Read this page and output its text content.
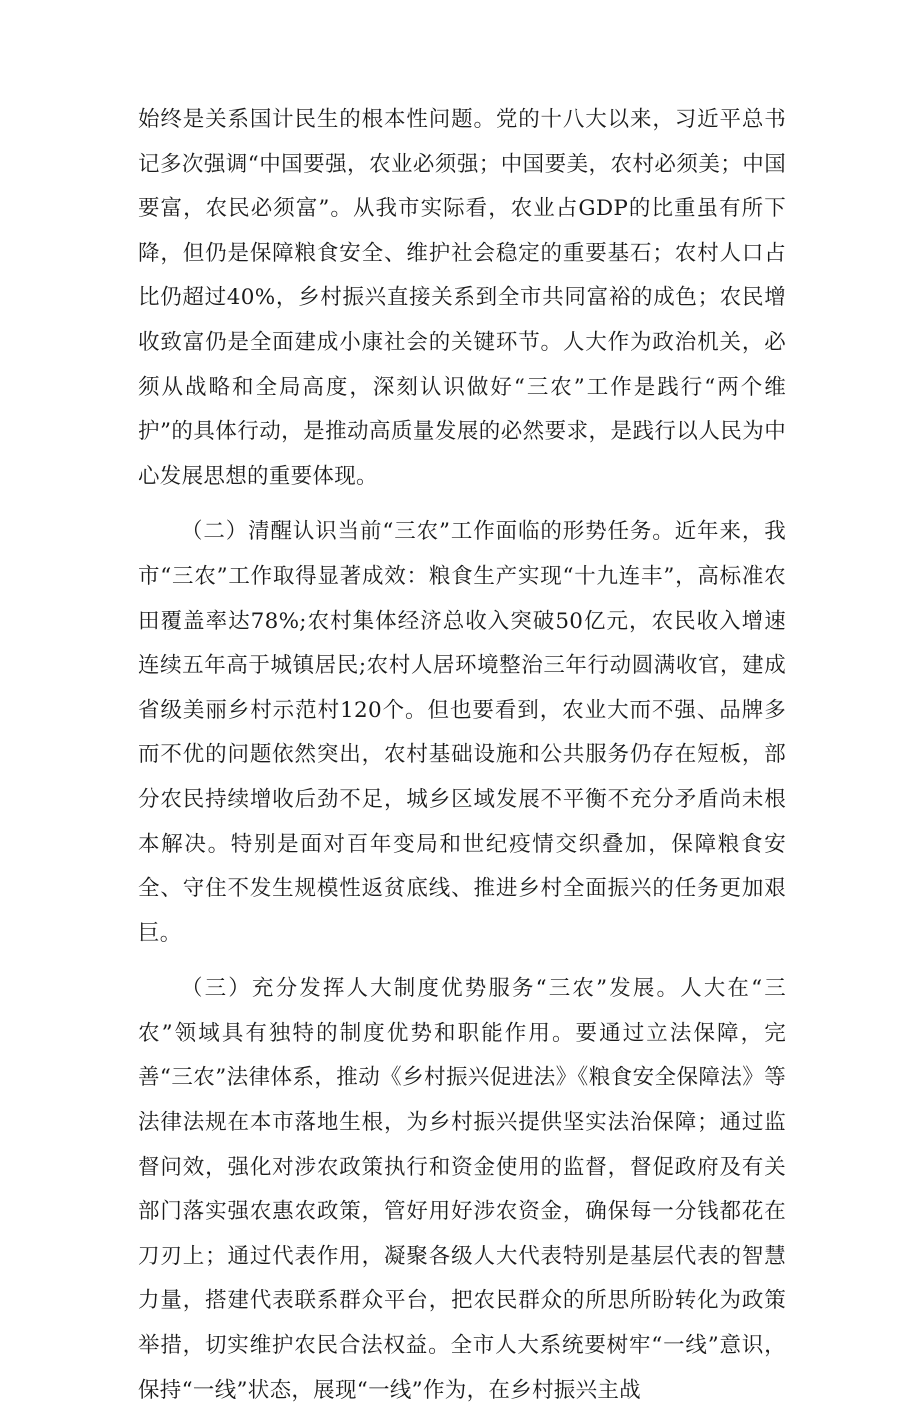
始终是关系国计民生的根本性问题。党的十八大以来，习近平总书记多次强调“中国要强，农业必须强；中国要美，农村必须美；中国要富，农民必须富”。从我市实际看，农业占GDP的比重虽有所下降，但仍是保障粮食安全、维护社会稳定的重要基石；农村人口占比仍超过40%，乡村振兴直接关系到全市共同富裕的成色；农民增收致富仍是全面建成小康社会的关键环节。人大作为政治机关，必须从战略和全局高度，深刻认识做好“三农”工作是践行“两个维护”的具体行动，是推动高质量发展的必然要求，是践行以人民为中心发展思想的重要体现。

（二）清醒认识当前“三农”工作面临的形势任务。近年来，我市“三农”工作取得显著成效：粮食生产实现“十九连丰”，高标准农田覆盖率达78%;农村集体经济总收入突破50亿元，农民收入增速连续五年高于城镇居民;农村人居环境整治三年行动圆满收官，建成省级美丽乡村示范村120个。但也要看到，农业大而不强、品牌多而不优的问题依然突出，农村基础设施和公共服务仍存在短板，部分农民持续增收后劲不足，城乡区域发展不平衡不充分矛盾尚未根本解决。特别是面对百年变局和世纪疫情交织叠加，保障粮食安全、守住不发生规模性返贫底线、推进乡村全面振兴的任务更加艰巨。

（三）充分发挥人大制度优势服务“三农”发展。人大在“三农”领域具有独特的制度优势和职能作用。要通过立法保障，完善“三农”法律体系，推动《乡村振兴促进法》《粮食安全保障法》等法律法规在本市落地生根，为乡村振兴提供坚实法治保障；通过监督问效，强化对涉农政策执行和资金使用的监督，督促政府及有关部门落实强农惠农政策，管好用好涉农资金，确保每一分钱都花在刀刃上；通过代表作用，凝聚各级人大代表特别是基层代表的智慧力量，搭建代表联系群众平台，把农民群众的所思所盼转化为政策举措，切实维护农民合法权益。全市人大系统要树牢“一线”意识，保持“一线”状态，展现“一线”作为，在乡村振兴主战
